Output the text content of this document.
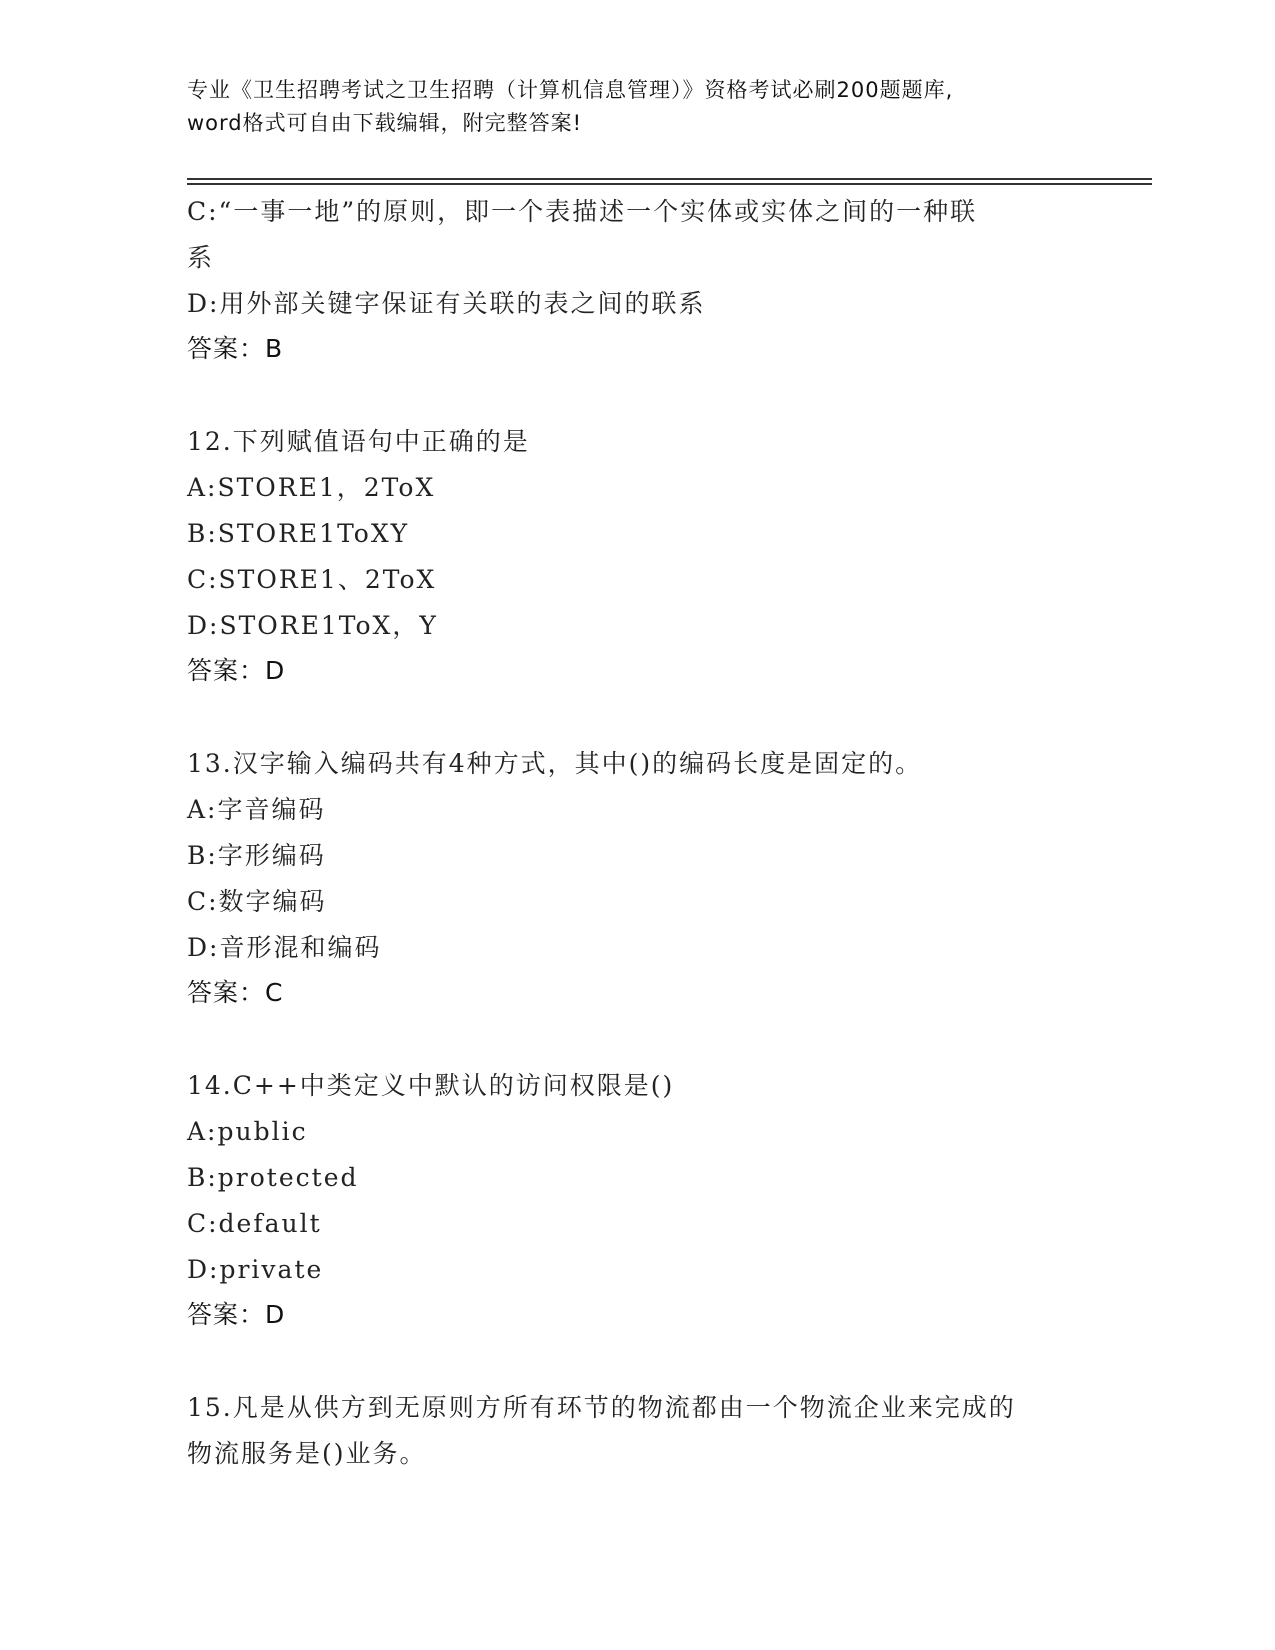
专业《卫生招聘考试之卫生招聘（计算机信息管理）》资格考试必刷200题题库,
word格式可自由下载编辑，附完整答案!
C:“一事一地”的原则，即一个表描述一个实体或实体之间的一种联
系
D:用外部关键字保证有关联的表之间的联系
答案：B
12.下列赋值语句中正确的是
A:STORE1，2ToX
B:STORE1ToXY
C:STORE1、2ToX
D:STORE1ToX，Y
答案：D
13.汉字输入编码共有4种方式，其中()的编码长度是固定的。
A:字音编码
B:字形编码
C:数字编码
D:音形混和编码
答案：C
14.C++中类定义中默认的访问权限是()
A:public
B:protected
C:default
D:private
答案：D
15.凡是从供方到无原则方所有环节的物流都由一个物流企业来完成的
物流服务是()业务。
